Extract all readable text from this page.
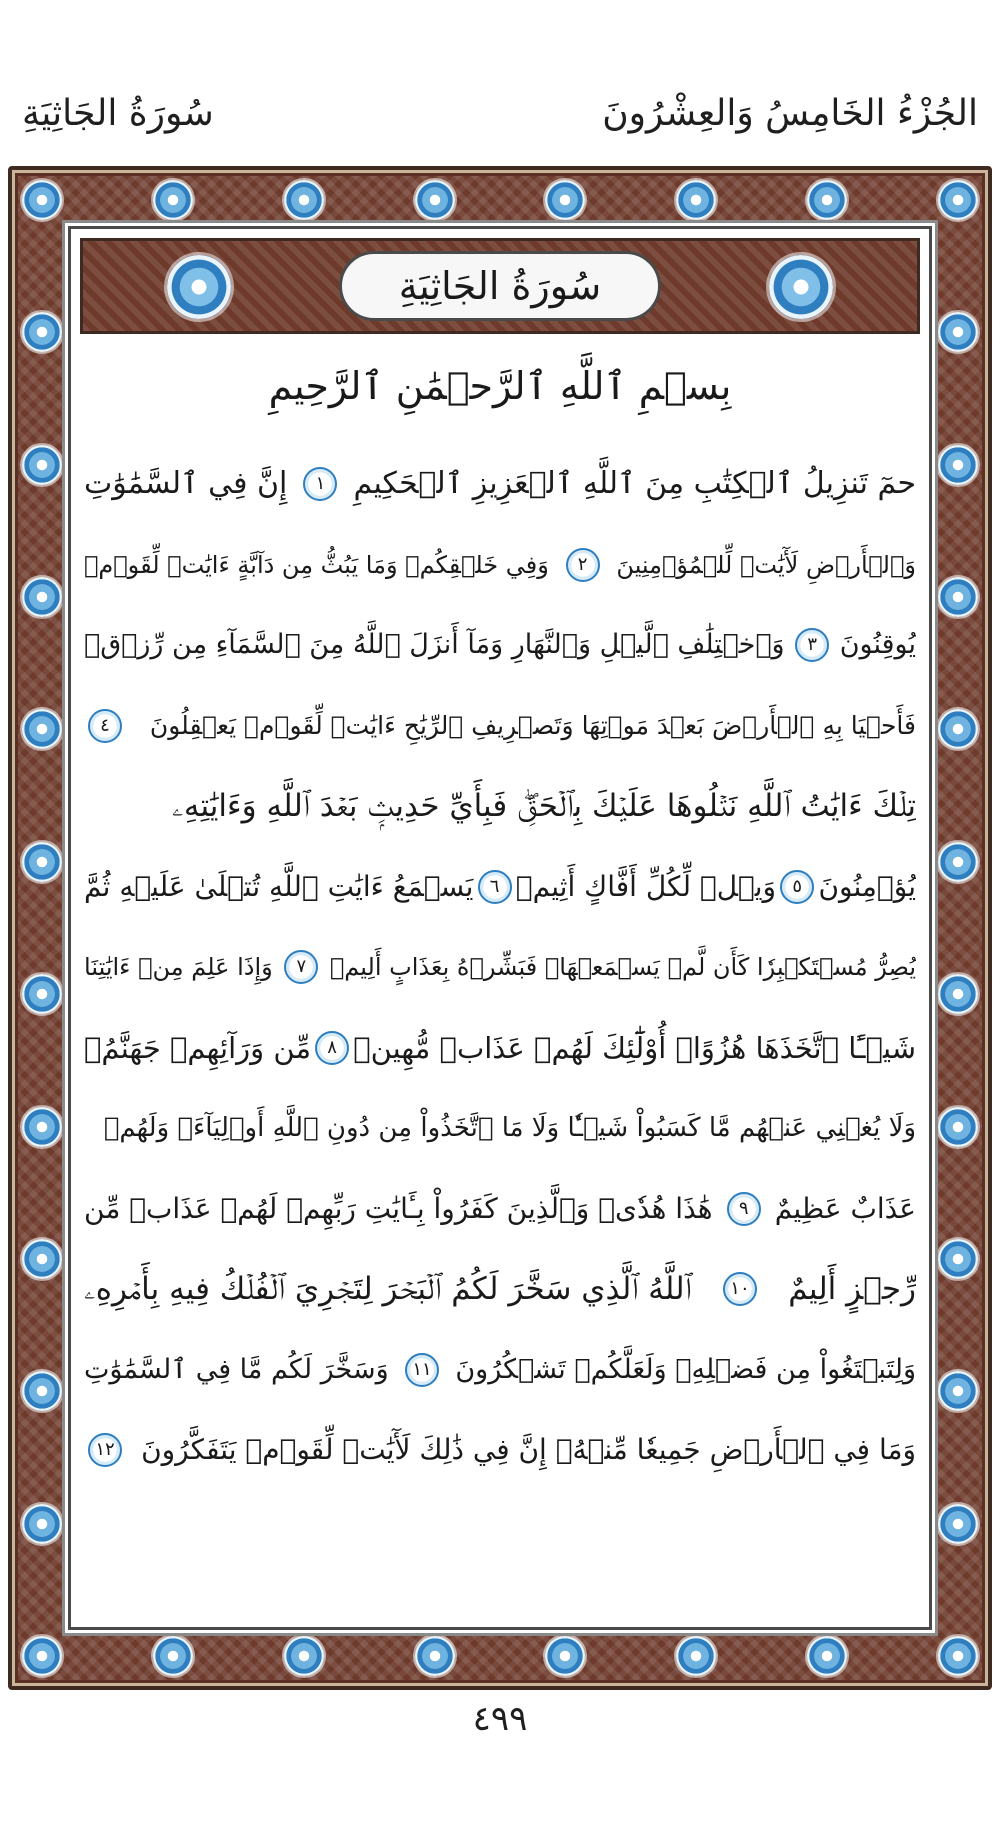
الجُزْءُ الخَامِسُ وَالعِشْرُونَ
سُورَةُ الجَاثِيَةِ
سُورَةُ الجَاثِيَةِ
بِسۡمِ ٱللَّهِ ٱلرَّحۡمَٰنِ ٱلرَّحِيمِ
حمٓ تَنزِيلُ ٱلۡكِتَٰبِ مِنَ ٱللَّهِ ٱلۡعَزِيزِ ٱلۡحَكِيمِ
١
إِنَّ فِي ٱلسَّمَٰوَٰتِ
وَٱلۡأَرۡضِ لَأٓيَٰتٖ لِّلۡمُؤۡمِنِينَ
٢
وَفِي خَلۡقِكُمۡ وَمَا يَبُثُّ مِن دَآبَّةٍ ءَايَٰتٞ لِّقَوۡمٖ
يُوقِنُونَ
٣
وَٱخۡتِلَٰفِ ٱلَّيۡلِ وَٱلنَّهَارِ وَمَآ أَنزَلَ ٱللَّهُ مِنَ ٱلسَّمَآءِ مِن رِّزۡقٖ
فَأَحۡيَا بِهِ ٱلۡأَرۡضَ بَعۡدَ مَوۡتِهَا وَتَصۡرِيفِ ٱلرِّيَٰحِ ءَايَٰتٞ لِّقَوۡمٖ يَعۡقِلُونَ
٤
تِلۡكَ ءَايَٰتُ ٱللَّهِ نَتۡلُوهَا عَلَيۡكَ بِٱلۡحَقِّۖ فَبِأَيِّ حَدِيثِۭ بَعۡدَ ٱللَّهِ وَءَايَٰتِهِۦ
يُؤۡمِنُونَ
٥
وَيۡلٞ لِّكُلِّ أَفَّاكٍ أَثِيمٖ
٦
يَسۡمَعُ ءَايَٰتِ ٱللَّهِ تُتۡلَىٰ عَلَيۡهِ ثُمَّ
يُصِرُّ مُسۡتَكۡبِرٗا كَأَن لَّمۡ يَسۡمَعۡهَاۖ فَبَشِّرۡهُ بِعَذَابٍ أَلِيمٖ
٧
وَإِذَا عَلِمَ مِنۡ ءَايَٰتِنَا
شَيۡـًٔا ٱتَّخَذَهَا هُزُوًاۚ أُوْلَٰٓئِكَ لَهُمۡ عَذَابٞ مُّهِينٞ
٨
مِّن وَرَآئِهِمۡ جَهَنَّمُۖ
وَلَا يُغۡنِي عَنۡهُم مَّا كَسَبُواْ شَيۡـٔٗا وَلَا مَا ٱتَّخَذُواْ مِن دُونِ ٱللَّهِ أَوۡلِيَآءَۖ وَلَهُمۡ
عَذَابٌ عَظِيمٌ
٩
هَٰذَا هُدٗىۖ وَٱلَّذِينَ كَفَرُواْ بِـَٔايَٰتِ رَبِّهِمۡ لَهُمۡ عَذَابٞ مِّن
رِّجۡزٍ أَلِيمٌ
١٠
ٱللَّهُ ٱلَّذِي سَخَّرَ لَكُمُ ٱلۡبَحۡرَ لِتَجۡرِيَ ٱلۡفُلۡكُ فِيهِ بِأَمۡرِهِۦ
وَلِتَبۡتَغُواْ مِن فَضۡلِهِۦ وَلَعَلَّكُمۡ تَشۡكُرُونَ
١١
وَسَخَّرَ لَكُم مَّا فِي ٱلسَّمَٰوَٰتِ
وَمَا فِي ٱلۡأَرۡضِ جَمِيعٗا مِّنۡهُۚ إِنَّ فِي ذَٰلِكَ لَأٓيَٰتٖ لِّقَوۡمٖ يَتَفَكَّرُونَ
١٢
٤٩٩
